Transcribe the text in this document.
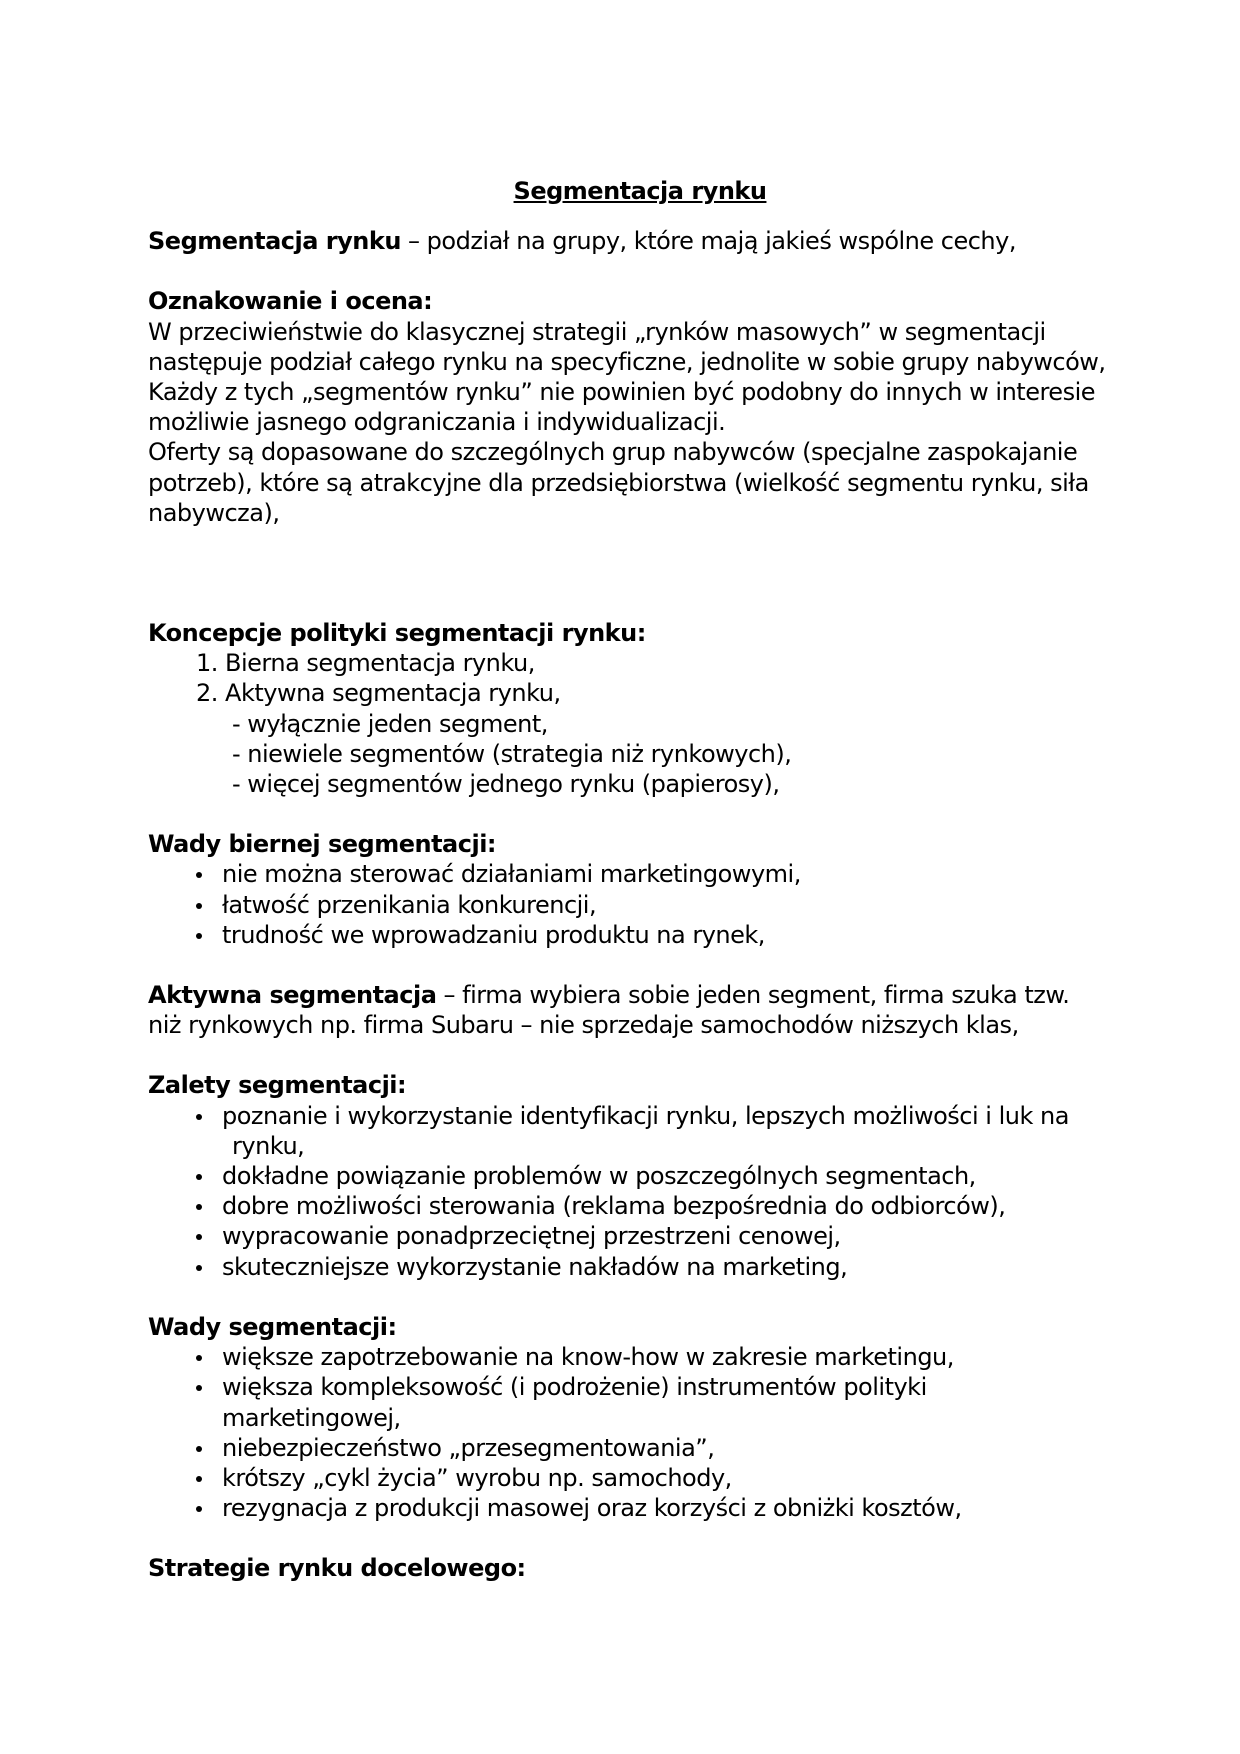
Segmentacja rynku

Segmentacja rynku – podział na grupy, które mają jakieś wspólne cechy,

Oznakowanie i ocena:

W przeciwieństwie do klasycznej strategii „rynków masowych” w segmentacji następuje podział całego rynku na specyficzne, jednolite w sobie grupy nabywców, Każdy z tych „segmentów rynku” nie powinien być podobny do innych w interesie możliwie jasnego odgraniczania i indywidualizacji.

Oferty są dopasowane do szczególnych grup nabywców (specjalne zaspokajanie potrzeb), które są atrakcyjne dla przedsiębiorstwa (wielkość segmentu rynku, siła nabywcza),

Koncepcje polityki segmentacji rynku:

1. Bierna segmentacja rynku,
2. Aktywna segmentacja rynku,
- wyłącznie jeden segment,
- niewiele segmentów (strategia niż rynkowych),
- więcej segmentów jednego rynku (papierosy),

Wady biernej segmentacji:

nie można sterować działaniami marketingowymi,
łatwość przenikania konkurencji,
trudność we wprowadzaniu produktu na rynek,

Aktywna segmentacja – firma wybiera sobie jeden segment, firma szuka tzw. niż rynkowych np. firma Subaru – nie sprzedaje samochodów niższych klas,

Zalety segmentacji:

poznanie i wykorzystanie identyfikacji rynku, lepszych możliwości i luk na
rynku,
dokładne powiązanie problemów w poszczególnych segmentach,
dobre możliwości sterowania (reklama bezpośrednia do odbiorców),
wypracowanie ponadprzeciętnej przestrzeni cenowej,
skuteczniejsze wykorzystanie nakładów na marketing,

Wady segmentacji:

większe zapotrzebowanie na know-how w zakresie marketingu,
większa kompleksowość (i podrożenie) instrumentów polityki marketingowej,
niebezpieczeństwo „przesegmentowania”,
krótszy „cykl życia” wyrobu np. samochody,
rezygnacja z produkcji masowej oraz korzyści z obniżki kosztów,

Strategie rynku docelowego:
